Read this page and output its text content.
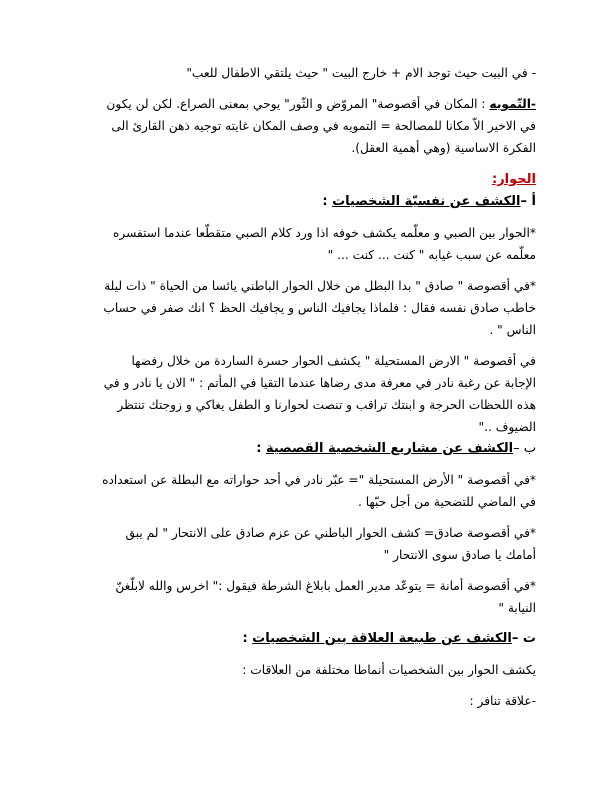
- في البيت حيث توجد الام + خارج البيت " حيث يلتقي الاطفال للعب"

-التّمويه : المكان في أقصوصة" المروّض و الثّور" يوحي بمعنى الصراع. لكن لن يكون
في الاخير الاّ مكانا للمصالحة = التمويه في وصف المكان غايته توجيه ذهن القارئ الى
الفكرة الاساسية (وهي أهمية العقل).

الحوار:

أ –الكشف عن نفسيّة الشخصيات :

*الحوار بين الصبي و معلّمه يكشف خوفه اذا ورد كلام الصبي متقطّعا عندما استفسره
معلّمه عن سبب غيابه " كنت ... كنت ... "

*في أقصوصة " صادق " بدا البطل من خلال الحوار الباطني يائسا من الحياة " ذات ليلة
خاطب صادق نفسه فقال : فلماذا يجافيك الناس و يجافيك الحظ ؟ انك صفر في حساب
الناس " .

في أقصوصة " الارض المستحيلة " يكشف الحوار حسرة الساردة من خلال رفضها
الإجابة عن رغبة نادر في معرفة مدى رضاها عندما التقيا في المأتم : " الان يا نادر و في
هذه اللحظات الحرجة و ابنتك تراقب و تنصت لحوارنا و الطفل يغاكي و زوجتك تنتظر
الضيوف .."

ب –الكشف عن مشاريع الشخصية القصصية :

*في أقصوصة " الأرض المستحيلة "= عبّر نادر في أحد حواراته مع البطلة عن استعداده
في الماضي للتضحية من أجل حبّها .

*في أقصوصة صادق= كشف الحوار الباطني عن عزم صادق على الانتحار " لم يبق
أمامك يا صادق سوى الانتحار "

*في أقصوصة أمانة = يتوعّد مدير العمل بابلاغ الشرطة فيقول :" اخرس والله لابلّغنّ
النيابة "

ت –الكشف عن طبيعة العلاقة بين الشخصيات :

يكشف الحوار بين الشخصيات أنماطا مختلفة من العلاقات :

-علاقة تنافر :
